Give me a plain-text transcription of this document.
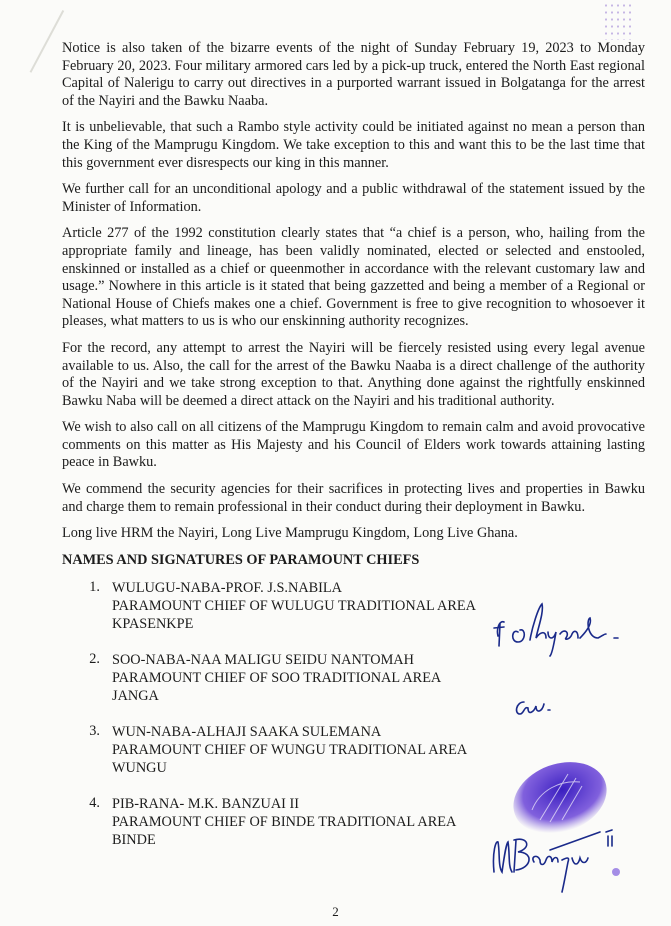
Notice is also taken of the bizarre events of the night of Sunday February 19, 2023 to Monday February 20, 2023. Four military armored cars led by a pick-up truck, entered the North East regional Capital of Nalerigu to carry out directives in a purported warrant issued in Bolgatanga for the arrest of the Nayiri and the Bawku Naaba.

It is unbelievable, that such a Rambo style activity could be initiated against no mean a person than the King of the Mamprugu Kingdom. We take exception to this and want this to be the last time that this government ever disrespects our king in this manner.

We further call for an unconditional apology and a public withdrawal of the statement issued by the Minister of Information.

Article 277 of the 1992 constitution clearly states that “a chief is a person, who, hailing from the appropriate family and lineage, has been validly nominated, elected or selected and enstooled, enskinned or installed as a chief or queenmother in accordance with the relevant customary law and usage.” Nowhere in this article is it stated that being gazzetted and being a member of a Regional or National House of Chiefs makes one a chief. Government is free to give recognition to whosoever it pleases, what matters to us is who our enskinning authority recognizes.

For the record, any attempt to arrest the Nayiri will be fiercely resisted using every legal avenue available to us. Also, the call for the arrest of the Bawku Naaba is a direct challenge of the authority of the Nayiri and we take strong exception to that. Anything done against the rightfully enskinned Bawku Naba will be deemed a direct attack on the Nayiri and his traditional authority.

We wish to also call on all citizens of the Mamprugu Kingdom to remain calm and avoid provocative comments on this matter as His Majesty and his Council of Elders work towards attaining lasting peace in Bawku.

We commend the security agencies for their sacrifices in protecting lives and properties in Bawku and charge them to remain professional in their conduct during their deployment in Bawku.

Long live HRM the Nayiri, Long Live Mamprugu Kingdom, Long Live Ghana.

NAMES AND SIGNATURES OF PARAMOUNT CHIEFS
1. WULUGU-NABA-PROF. J.S.NABILA
PARAMOUNT CHIEF OF WULUGU TRADITIONAL AREA
KPASENKPE
2. SOO-NABA-NAA MALIGU SEIDU NANTOMAH
PARAMOUNT CHIEF OF SOO TRADITIONAL AREA
JANGA
3. WUN-NABA-ALHAJI SAAKA SULEMANA
PARAMOUNT CHIEF OF WUNGU TRADITIONAL AREA
WUNGU
4. PIB-RANA- M.K. BANZUAI II
PARAMOUNT CHIEF OF BINDE TRADITIONAL AREA
BINDE
2
